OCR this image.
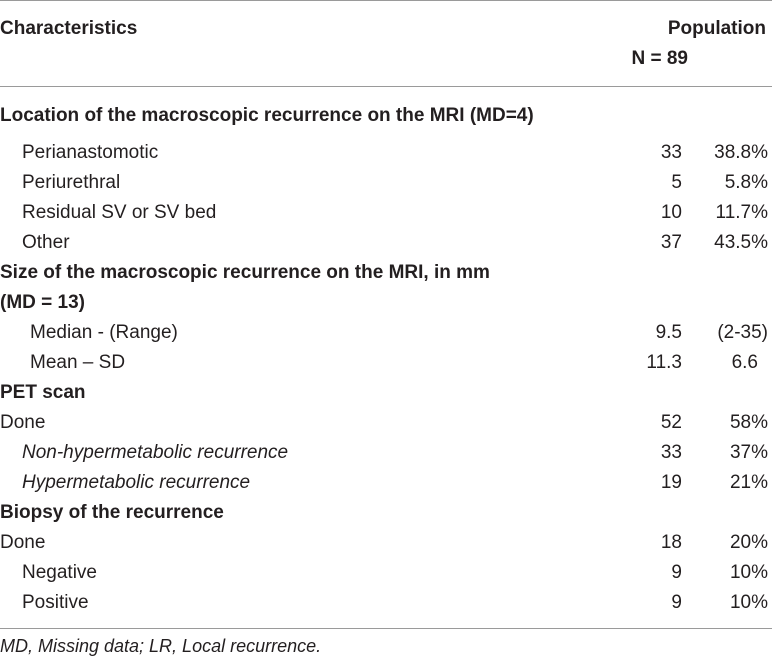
Characteristics	Population
N = 89
Location of the macroscopic recurrence on the MRI (MD=4)
Perianastomotic	33 38.8%
Periurethral	5 5.8%
Residual SV or SV bed	10 11.7%
Other	37 43.5%
Size of the macroscopic recurrence on the MRI, in mm
(MD = 13)
Median - (Range)	9.5 (2-35)
Mean – SD	11.3	6.6
PET scan
Done	52	58%
Non-hypermetabolic recurrence	33	37%
Hypermetabolic recurrence	19	21%
Biopsy of the recurrence
Done	18	20%
Negative	9	10%
Positive	9	10%
MD, Missing data; LR, Local recurrence.
